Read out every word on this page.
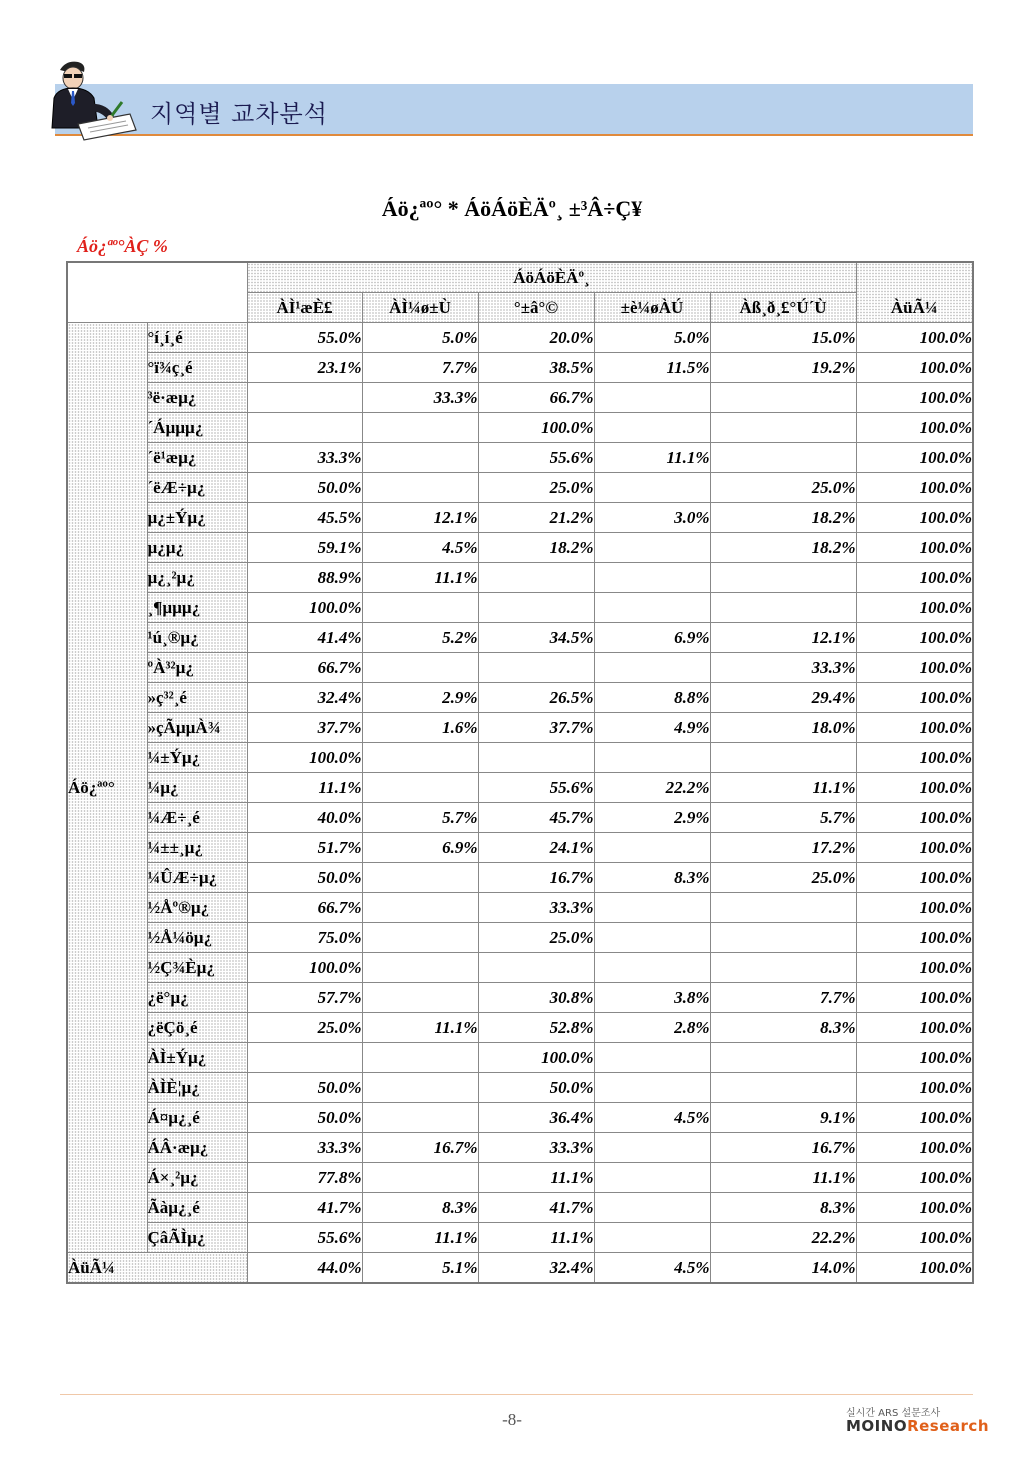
지역별 교차분석
Áö¿ªº° * ÁöÁöÈÄº¸ ±³Â÷Ç¥
Áö¿ªº°ÀÇ %
		ÁöÁöÈÄº¸					ÀüÃ¼
		ÀÌ¹æÈ£	ÀÌ¼ø±Ù	°±â°©	±è¼øÀÚ	Àß¸ð¸£°Ú´Ù	
Áö¿ªº°	°í¸í¸é	55.0%	5.0%	20.0%	5.0%	15.0%	100.0%
	°ï¾ç¸é	23.1%	7.7%	38.5%	11.5%	19.2%	100.0%
	³ë·æµ¿		33.3%	66.7%			100.0%
	´Áµµµ¿			100.0%			100.0%
	´ë¹æµ¿	33.3%		55.6%	11.1%		100.0%
	´ëÆ÷µ¿	50.0%		25.0%		25.0%	100.0%
	µ¿±Ýµ¿	45.5%	12.1%	21.2%	3.0%	18.2%	100.0%
	µ¿µ¿	59.1%	4.5%	18.2%		18.2%	100.0%
	µ¿¸²µ¿	88.9%	11.1%				100.0%
	¸¶µµµ¿	100.0%					100.0%
	¹ú¸®µ¿	41.4%	5.2%	34.5%	6.9%	12.1%	100.0%
	ºÀ³²µ¿	66.7%				33.3%	100.0%
	»ç³²¸é	32.4%	2.9%	26.5%	8.8%	29.4%	100.0%
	»çÃµµÀ¾	37.7%	1.6%	37.7%	4.9%	18.0%	100.0%
	¼±Ýµ¿	100.0%					100.0%
	¼µ¿	11.1%		55.6%	22.2%	11.1%	100.0%
	¼Æ÷¸é	40.0%	5.7%	45.7%	2.9%	5.7%	100.0%
	¼±±¸µ¿	51.7%	6.9%	24.1%		17.2%	100.0%
	¼ÛÆ÷µ¿	50.0%		16.7%	8.3%	25.0%	100.0%
	½Åº®µ¿	66.7%		33.3%			100.0%
	½Å¼öµ¿	75.0%		25.0%			100.0%
	½Ç¾Èµ¿	100.0%					100.0%
	¿ë°µ¿	57.7%		30.8%	3.8%	7.7%	100.0%
	¿ëÇö¸é	25.0%	11.1%	52.8%	2.8%	8.3%	100.0%
	ÀÌ±Ýµ¿			100.0%			100.0%
	ÀÌÈ¦µ¿	50.0%		50.0%			100.0%
	Á¤µ¿¸é	50.0%		36.4%	4.5%	9.1%	100.0%
	ÁÂ·æµ¿	33.3%	16.7%	33.3%		16.7%	100.0%
	Á×¸²µ¿	77.8%		11.1%		11.1%	100.0%
	Ãàµ¿¸é	41.7%	8.3%	41.7%		8.3%	100.0%
	ÇâÃÌµ¿	55.6%	11.1%	11.1%		22.2%	100.0%
ÀüÃ¼		44.0%	5.1%	32.4%	4.5%	14.0%	100.0%
-8-	실시간 ARS 설문조사
MOINOResearch
